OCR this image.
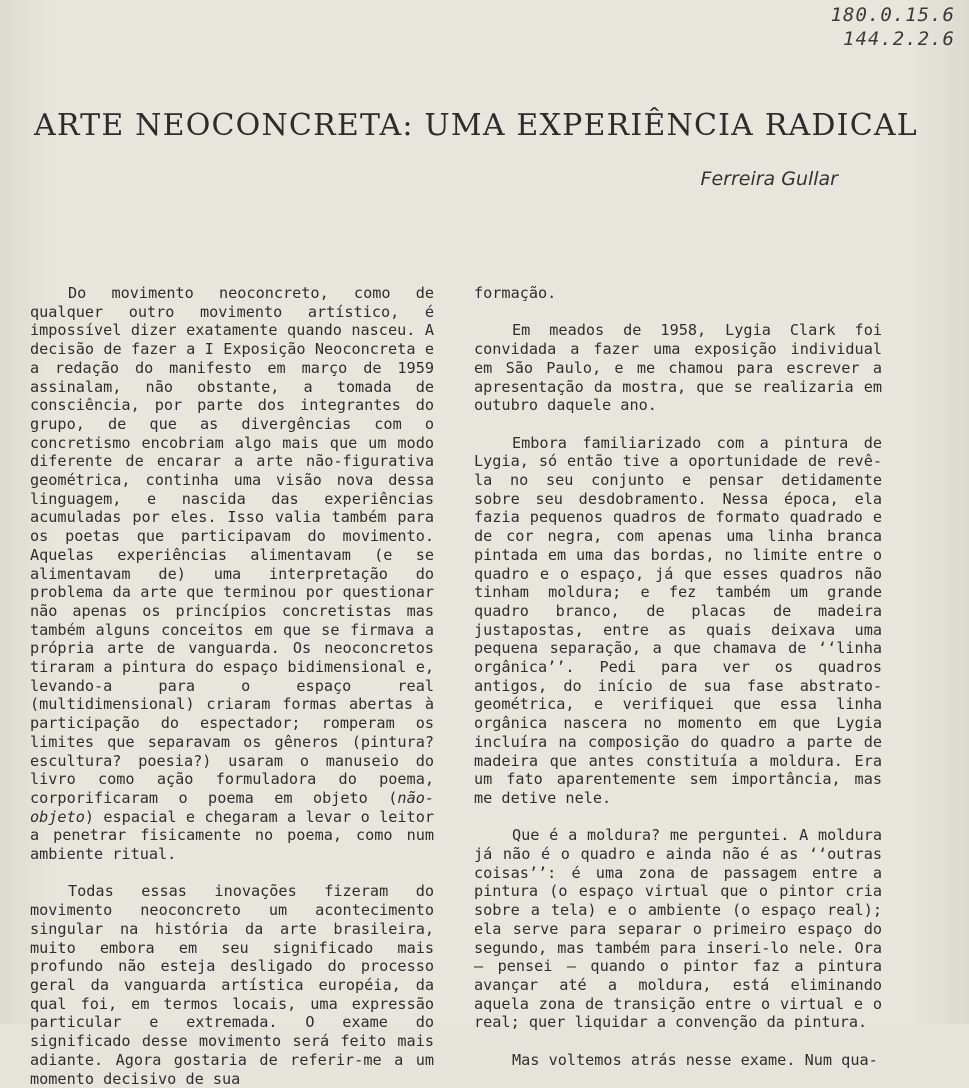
180.0.15.6
144.2.2.6
ARTE NEOCONCRETA: UMA EXPERIÊNCIA RADICAL
Ferreira Gullar

Do movimento neoconcreto, como de qualquer outro movimento artístico, é impossível dizer exatamente quando nasceu. A decisão de fazer a I Exposição Neoconcreta e a redação do manifesto em março de 1959 assinalam, não obstante, a tomada de consciência, por parte dos integrantes do grupo, de que as divergências com o concretismo encobriam algo mais que um modo diferente de encarar a arte não-figurativa geométrica, continha uma visão nova dessa linguagem, e nascida das experiências acumuladas por eles. Isso valia também para os poetas que participavam do movimento. Aquelas experiências alimentavam (e se alimentavam de) uma interpretação do problema da arte que terminou por questionar não apenas os princípios concretistas mas também alguns conceitos em que se firmava a própria arte de vanguarda. Os neoconcretos tiraram a pintura do espaço bidimensional e, levando-a para o espaço real (multidimensional) criaram formas abertas à participação do espectador; romperam os limites que separavam os gêneros (pintura? escultura? poesia?) usaram o manuseio do livro como ação formuladora do poema, corporificaram o poema em objeto (não-objeto) espacial e chegaram a levar o leitor a penetrar fisicamente no poema, como num ambiente ritual.

Todas essas inovações fizeram do movimento neoconcreto um acontecimento singular na história da arte brasileira, muito embora em seu significado mais profundo não esteja desligado do processo geral da vanguarda artística européia, da qual foi, em termos locais, uma expressão particular e extremada. O exame do significado desse movimento será feito mais adiante. Agora gostaria de referir-me a um momento decisivo de sua

formação.

Em meados de 1958, Lygia Clark foi convidada a fazer uma exposição individual em São Paulo, e me chamou para escrever a apresentação da mostra, que se realizaria em outubro daquele ano.

Embora familiarizado com a pintura de Lygia, só então tive a oportunidade de revê-la no seu conjunto e pensar detidamente sobre seu desdobramento. Nessa época, ela fazia pequenos quadros de formato quadrado e de cor negra, com apenas uma linha branca pintada em uma das bordas, no limite entre o quadro e o espaço, já que esses quadros não tinham moldura; e fez também um grande quadro branco, de placas de madeira justapostas, entre as quais deixava uma pequena separação, a que chamava de ‘‘linha orgânica’’. Pedi para ver os quadros antigos, do início de sua fase abstrato-geométrica, e verifiquei que essa linha orgânica nascera no momento em que Lygia incluíra na composição do quadro a parte de madeira que antes constituía a moldura. Era um fato aparentemente sem importância, mas me detive nele.

Que é a moldura? me perguntei. A moldura já não é o quadro e ainda não é as ‘‘outras coisas’’: é uma zona de passagem entre a pintura (o espaço virtual que o pintor cria sobre a tela) e o ambiente (o espaço real); ela serve para separar o primeiro espaço do segundo, mas também para inseri-lo nele. Ora — pensei — quando o pintor faz a pintura avançar até a moldura, está eliminando aquela zona de transição entre o virtual e o real; quer liquidar a convenção da pintura.

Mas voltemos atrás nesse exame. Num qua-
